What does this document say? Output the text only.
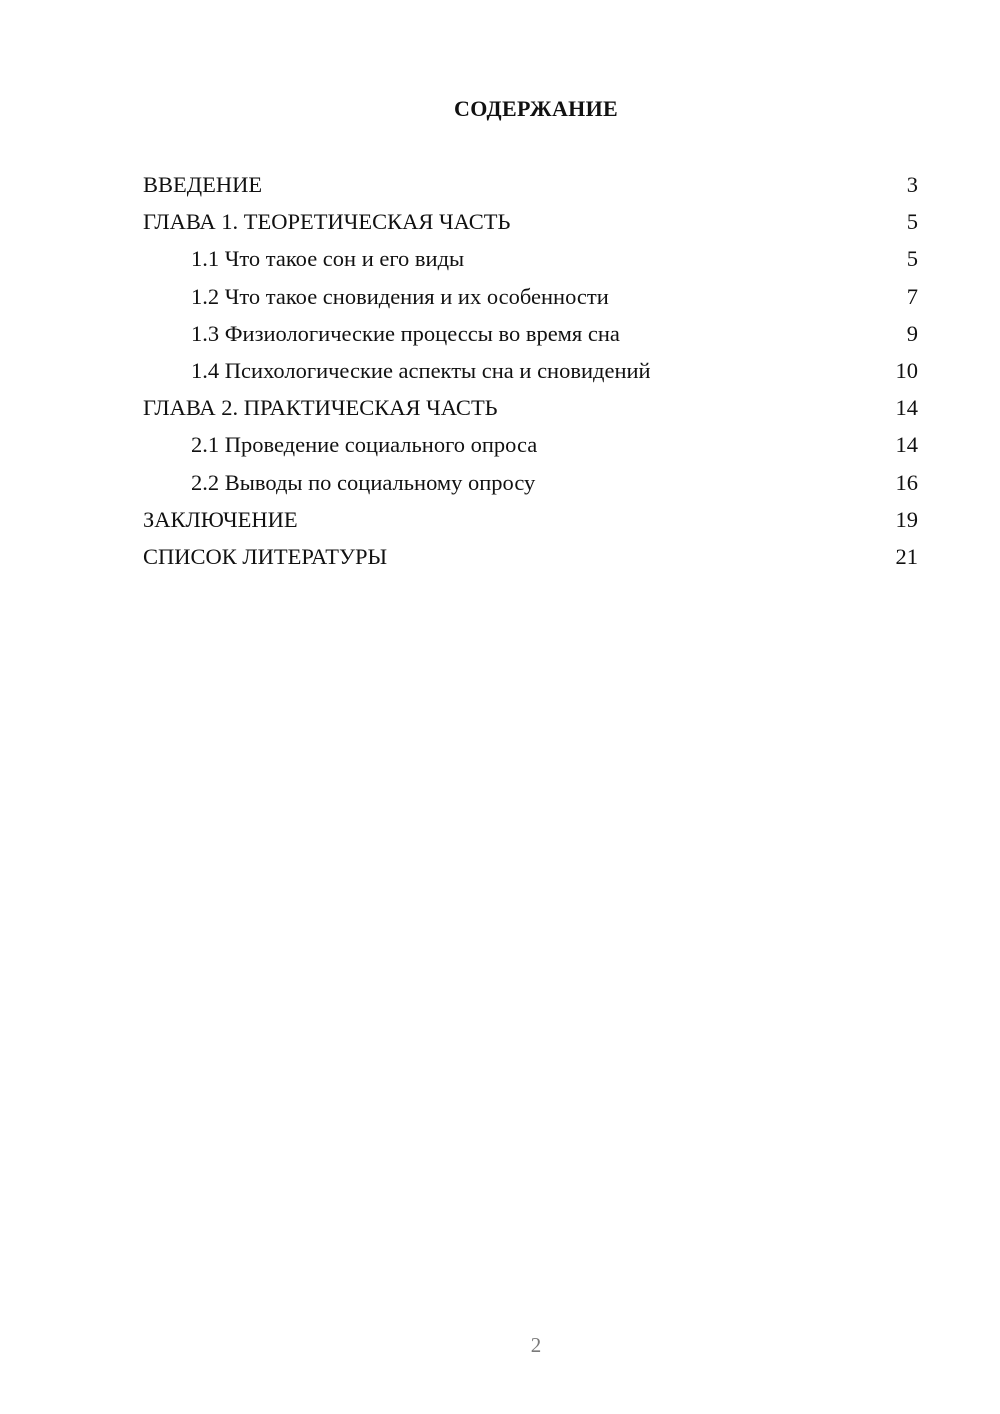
СОДЕРЖАНИЕ
ВВЕДЕНИЕ	3
ГЛАВА 1. ТЕОРЕТИЧЕСКАЯ ЧАСТЬ	5
1.1 Что такое сон и его виды	5
1.2 Что такое сновидения и их особенности	7
1.3 Физиологические процессы во время сна	9
1.4 Психологические аспекты сна и сновидений	10
ГЛАВА 2. ПРАКТИЧЕСКАЯ ЧАСТЬ	14
2.1 Проведение социального опроса	14
2.2 Выводы по социальному опросу	16
ЗАКЛЮЧЕНИЕ	19
СПИСОК ЛИТЕРАТУРЫ	21
2
